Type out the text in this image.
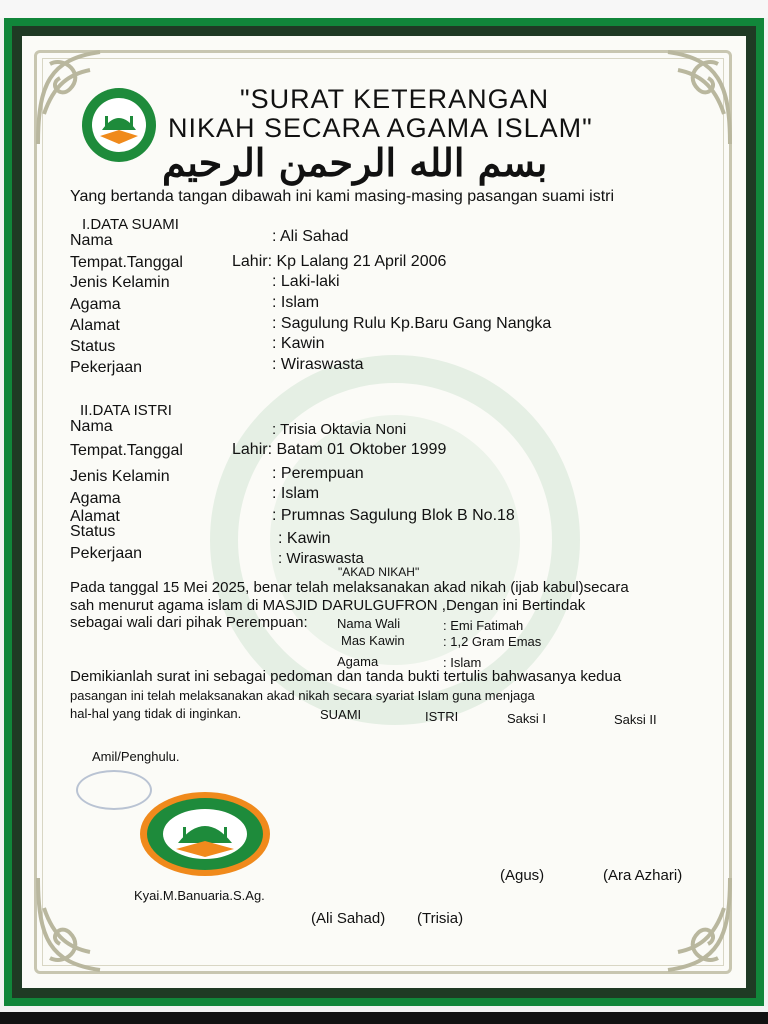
"SURAT KETERANGAN
NIKAH SECARA AGAMA ISLAM"
بسم الله الرحمن الرحيم
Yang bertanda tangan dibawah ini kami masing-masing pasangan suami istri
I.DATA SUAMI
Nama	: Ali Sahad
Tempat.Tanggal	Lahir: Kp Lalang 21 April 2006
Jenis Kelamin	: Laki-laki
Agama	: Islam
Alamat	: Sagulung Rulu Kp.Baru Gang Nangka
Status	: Kawin
Pekerjaan	: Wiraswasta
II.DATA ISTRI
Nama	: Trisia Oktavia Noni
Tempat.Tanggal	Lahir: Batam 01 Oktober 1999
Jenis Kelamin	: Perempuan
Agama	: Islam
Alamat	: Prumnas Sagulung Blok B No.18
Status	: Kawin
Pekerjaan	: Wiraswasta
"AKAD NIKAH"
Pada tanggal 15 Mei 2025, benar telah melaksanakan akad nikah (ijab kabul)secara
sah menurut agama islam di MASJID DARULGUFRON ,Dengan ini Bertindak
sebagai wali dari pihak Perempuan: Nama Wali	: Emi Fatimah
Mas Kawin	: 1,2 Gram Emas
Agama	: Islam
Demikianlah surat ini sebagai pedoman dan tanda bukti tertulis bahwasanya kedua
pasangan ini telah melaksanakan akad nikah secara syariat Islam guna menjaga
hal-hal yang tidak di inginkan.	SUAMI	ISTRI	Saksi I	Saksi II
Amil/Penghulu.
(Agus)	(Ara Azhari)
Kyai.M.Banuaria.S.Ag.
(Ali Sahad) (Trisia)
